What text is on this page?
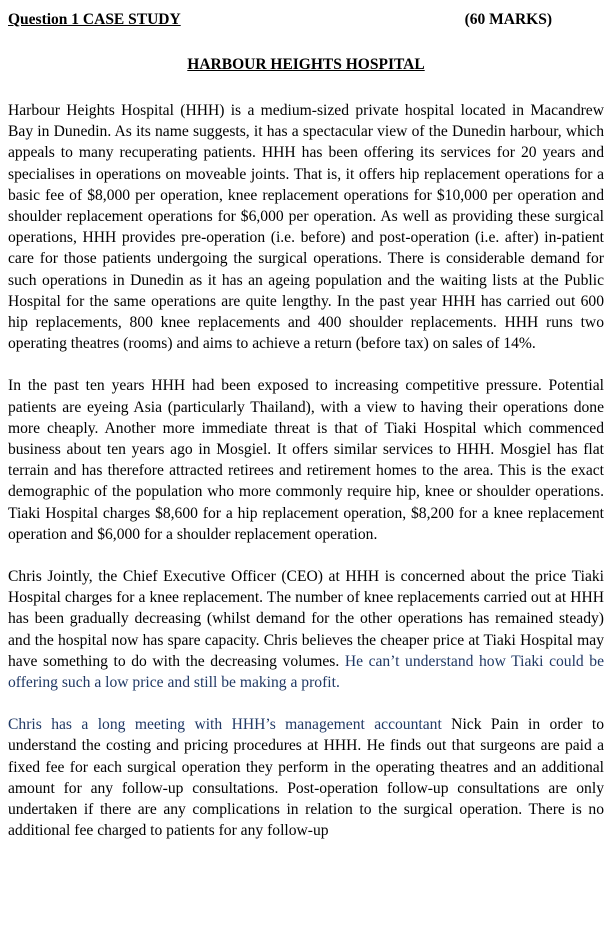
Question 1 CASE STUDY	(60 MARKS)
HARBOUR HEIGHTS HOSPITAL

Harbour Heights Hospital (HHH) is a medium-sized private hospital located in Macandrew Bay in Dunedin. As its name suggests, it has a spectacular view of the Dunedin harbour, which appeals to many recuperating patients. HHH has been offering its services for 20 years and specialises in operations on moveable joints. That is, it offers hip replacement operations for a basic fee of $8,000 per operation, knee replacement operations for $10,000 per operation and shoulder replacement operations for $6,000 per operation. As well as providing these surgical operations, HHH provides pre-operation (i.e. before) and post-operation (i.e. after) in-patient care for those patients undergoing the surgical operations. There is considerable demand for such operations in Dunedin as it has an ageing population and the waiting lists at the Public Hospital for the same operations are quite lengthy. In the past year HHH has carried out 600 hip replacements, 800 knee replacements and 400 shoulder replacements. HHH runs two operating theatres (rooms) and aims to achieve a return (before tax) on sales of 14%.

In the past ten years HHH had been exposed to increasing competitive pressure. Potential patients are eyeing Asia (particularly Thailand), with a view to having their operations done more cheaply. Another more immediate threat is that of Tiaki Hospital which commenced business about ten years ago in Mosgiel. It offers similar services to HHH. Mosgiel has flat terrain and has therefore attracted retirees and retirement homes to the area. This is the exact demographic of the population who more commonly require hip, knee or shoulder operations. Tiaki Hospital charges $8,600 for a hip replacement operation, $8,200 for a knee replacement operation and $6,000 for a shoulder replacement operation.

Chris Jointly, the Chief Executive Officer (CEO) at HHH is concerned about the price Tiaki Hospital charges for a knee replacement. The number of knee replacements carried out at HHH has been gradually decreasing (whilst demand for the other operations has remained steady) and the hospital now has spare capacity. Chris believes the cheaper price at Tiaki Hospital may have something to do with the decreasing volumes. He can’t understand how Tiaki could be offering such a low price and still be making a profit.

Chris has a long meeting with HHH’s management accountant Nick Pain in order to understand the costing and pricing procedures at HHH. He finds out that surgeons are paid a fixed fee for each surgical operation they perform in the operating theatres and an additional amount for any follow-up consultations. Post-operation follow-up consultations are only undertaken if there are any complications in relation to the surgical operation. There is no additional fee charged to patients for any follow-up
